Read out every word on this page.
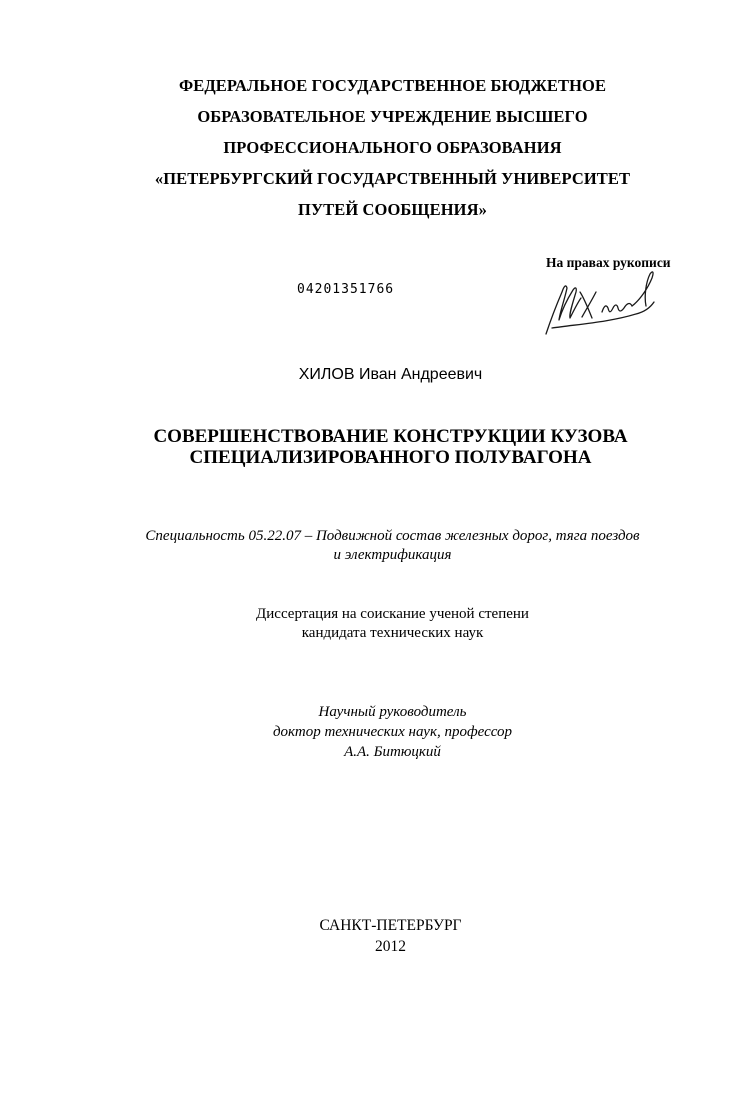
ФЕДЕРАЛЬНОЕ ГОСУДАРСТВЕННОЕ БЮДЖЕТНОЕ
ОБРАЗОВАТЕЛЬНОЕ УЧРЕЖДЕНИЕ ВЫСШЕГО
ПРОФЕССИОНАЛЬНОГО ОБРАЗОВАНИЯ
«ПЕТЕРБУРГСКИЙ ГОСУДАРСТВЕННЫЙ УНИВЕРСИТЕТ
ПУТЕЙ СООБЩЕНИЯ»
04201351766
На правах рукописи
ХИЛОВ Иван Андреевич
СОВЕРШЕНСТВОВАНИЕ КОНСТРУКЦИИ КУЗОВА
СПЕЦИАЛИЗИРОВАННОГО ПОЛУВАГОНА
Специальность 05.22.07 – Подвижной состав железных дорог, тяга поездов
и электрификация
Диссертация на соискание ученой степени
кандидата технических наук
Научный руководитель
доктор технических наук, профессор
А.А. Битюцкий
САНКТ-ПЕТЕРБУРГ
2012
